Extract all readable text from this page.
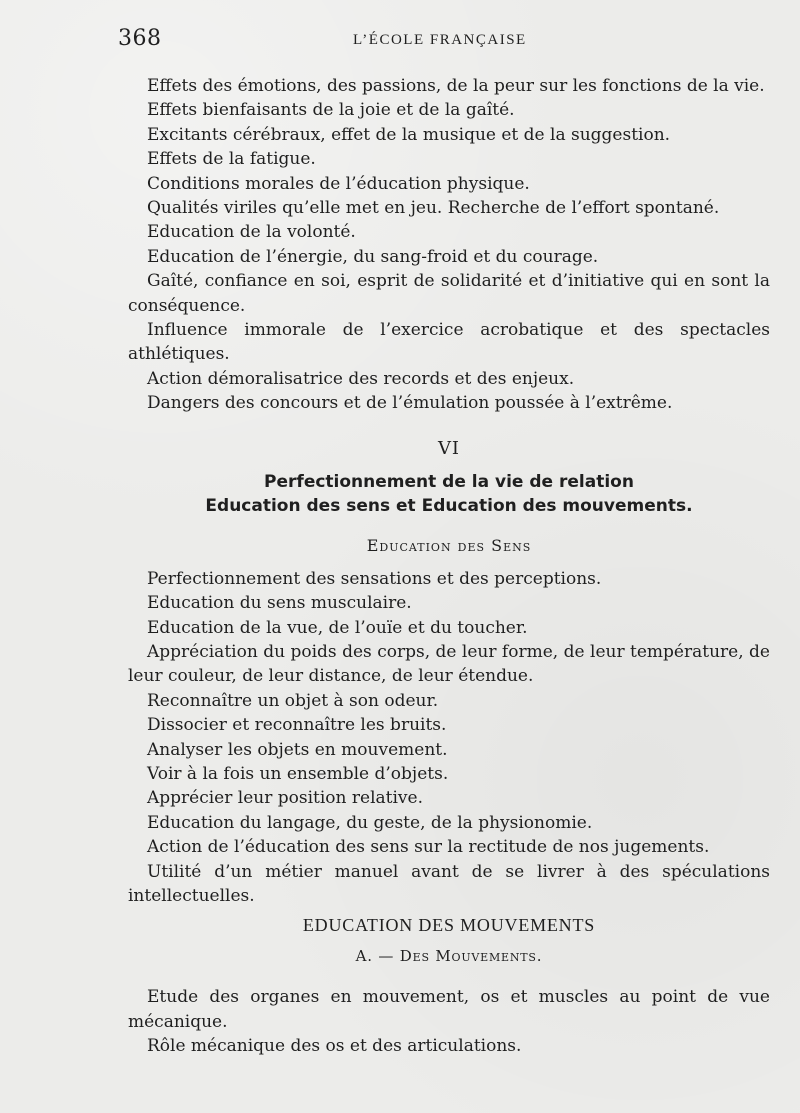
368	L’ÉCOLE FRANÇAISE

Effets des émotions, des passions, de la peur sur les fonctions de la vie.

Effets bienfaisants de la joie et de la gaîté.

Excitants cérébraux, effet de la musique et de la suggestion.

Effets de la fatigue.

Conditions morales de l’éducation physique.

Qualités viriles qu’elle met en jeu. Recherche de l’effort spontané.

Education de la volonté.

Education de l’énergie, du sang-froid et du courage.

Gaîté, confiance en soi, esprit de solidarité et d’initiative qui en sont la conséquence.

Influence immorale de l’exercice acrobatique et des spectacles athlétiques.

Action démoralisatrice des records et des enjeux.

Dangers des concours et de l’émulation poussée à l’extrême.

VI
Perfectionnement de la vie de relation
Education des sens et Education des mouvements.
Education des Sens

Perfectionnement des sensations et des perceptions.

Education du sens musculaire.

Education de la vue, de l’ouïe et du toucher.

Appréciation du poids des corps, de leur forme, de leur température, de leur couleur, de leur distance, de leur étendue.

Reconnaître un objet à son odeur.

Dissocier et reconnaître les bruits.

Analyser les objets en mouvement.

Voir à la fois un ensemble d’objets.

Apprécier leur position relative.

Education du langage, du geste, de la physionomie.

Action de l’éducation des sens sur la rectitude de nos jugements.

Utilité d’un métier manuel avant de se livrer à des spéculations intellectuelles.

EDUCATION DES MOUVEMENTS
A. — Des Mouvements.

Etude des organes en mouvement, os et muscles au point de vue mécanique.

Rôle mécanique des os et des articulations.
